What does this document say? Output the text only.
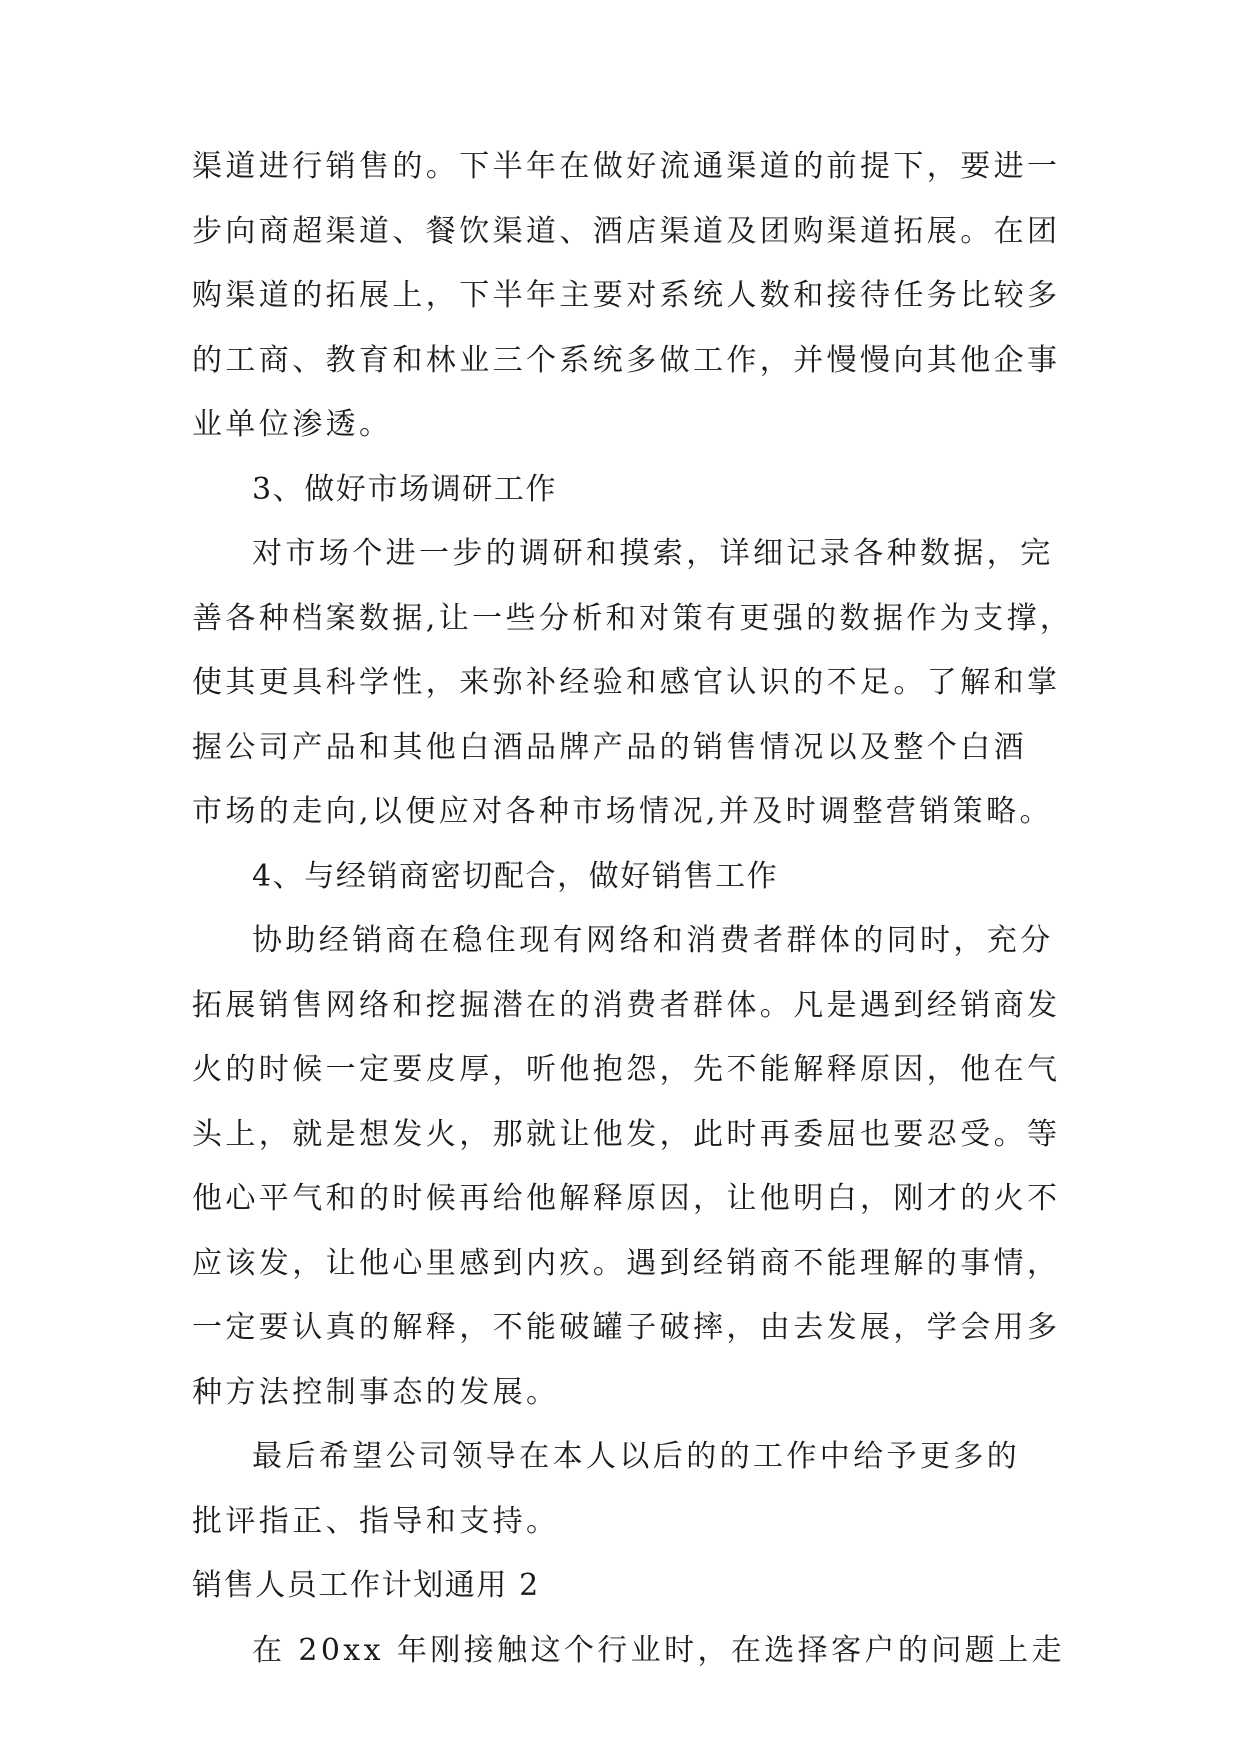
渠道进行销售的。下半年在做好流通渠道的前提下，要进一
步向商超渠道、餐饮渠道、酒店渠道及团购渠道拓展。在团
购渠道的拓展上，下半年主要对系统人数和接待任务比较多
的工商、教育和林业三个系统多做工作，并慢慢向其他企事
业单位渗透。
3、做好市场调研工作
对市场个进一步的调研和摸索，详细记录各种数据，完
善各种档案数据,让一些分析和对策有更强的数据作为支撑，
使其更具科学性，来弥补经验和感官认识的不足。了解和掌
握公司产品和其他白酒品牌产品的销售情况以及整个白酒
市场的走向,以便应对各种市场情况,并及时调整营销策略。
4、与经销商密切配合，做好销售工作
协助经销商在稳住现有网络和消费者群体的同时，充分
拓展销售网络和挖掘潜在的消费者群体。凡是遇到经销商发
火的时候一定要皮厚，听他抱怨，先不能解释原因，他在气
头上，就是想发火，那就让他发，此时再委屈也要忍受。等
他心平气和的时候再给他解释原因，让他明白，刚才的火不
应该发，让他心里感到内疚。遇到经销商不能理解的事情，
一定要认真的解释，不能破罐子破摔，由去发展，学会用多
种方法控制事态的发展。
最后希望公司领导在本人以后的的工作中给予更多的
批评指正、指导和支持。
销售人员工作计划通用 2
在 20xx 年刚接触这个行业时，在选择客户的问题上走
